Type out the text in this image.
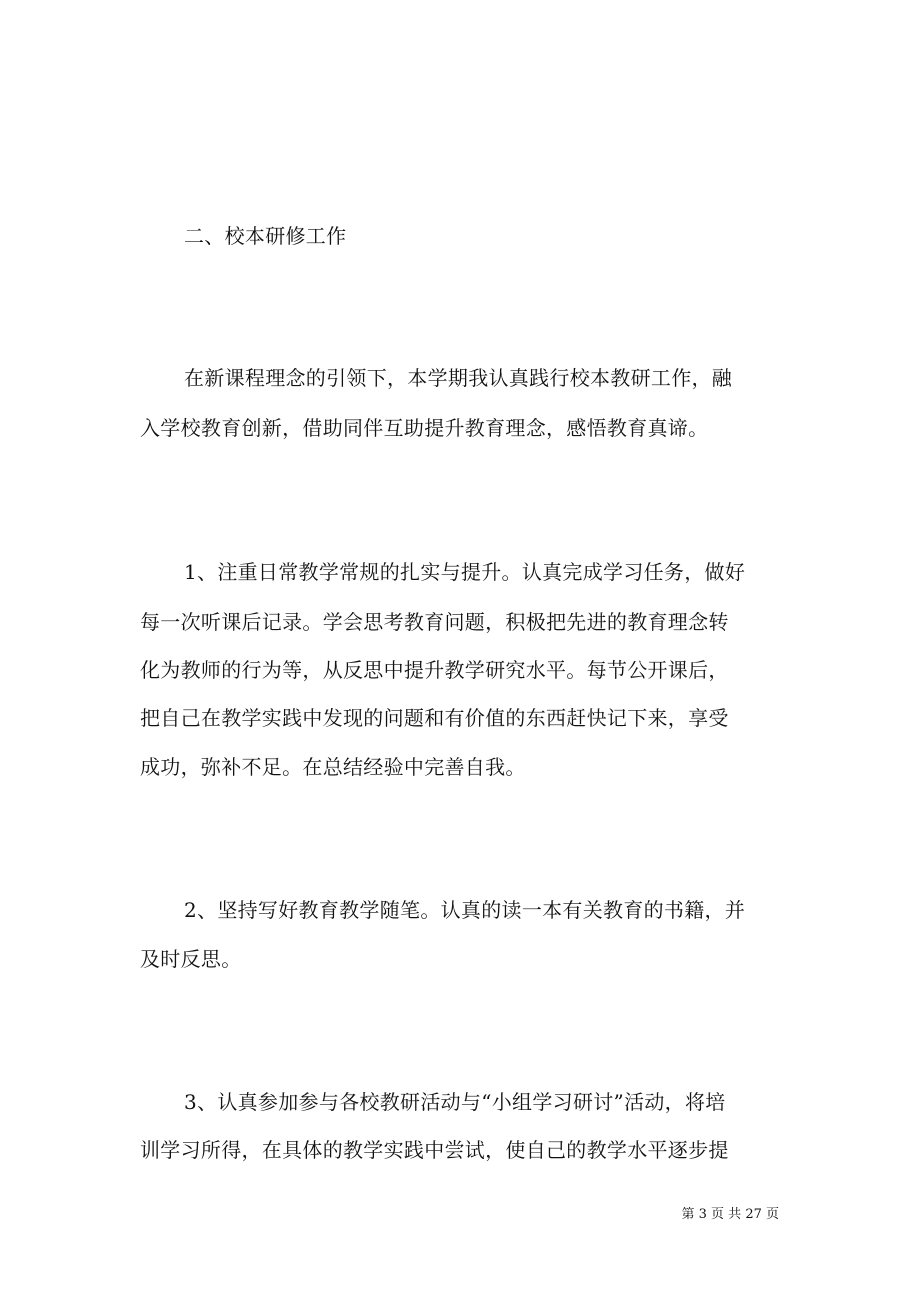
二、校本研修工作
在新课程理念的引领下，本学期我认真践行校本教研工作，融
入学校教育创新，借助同伴互助提升教育理念，感悟教育真谛。
1、注重日常教学常规的扎实与提升。认真完成学习任务，做好
每一次听课后记录。学会思考教育问题，积极把先进的教育理念转
化为教师的行为等，从反思中提升教学研究水平。每节公开课后，
把自己在教学实践中发现的问题和有价值的东西赶快记下来，享受
成功，弥补不足。在总结经验中完善自我。
2、坚持写好教育教学随笔。认真的读一本有关教育的书籍，并
及时反思。
3、认真参加参与各校教研活动与“小组学习研讨”活动，将培
训学习所得，在具体的教学实践中尝试，使自己的教学水平逐步提
第 3 页 共 27 页
